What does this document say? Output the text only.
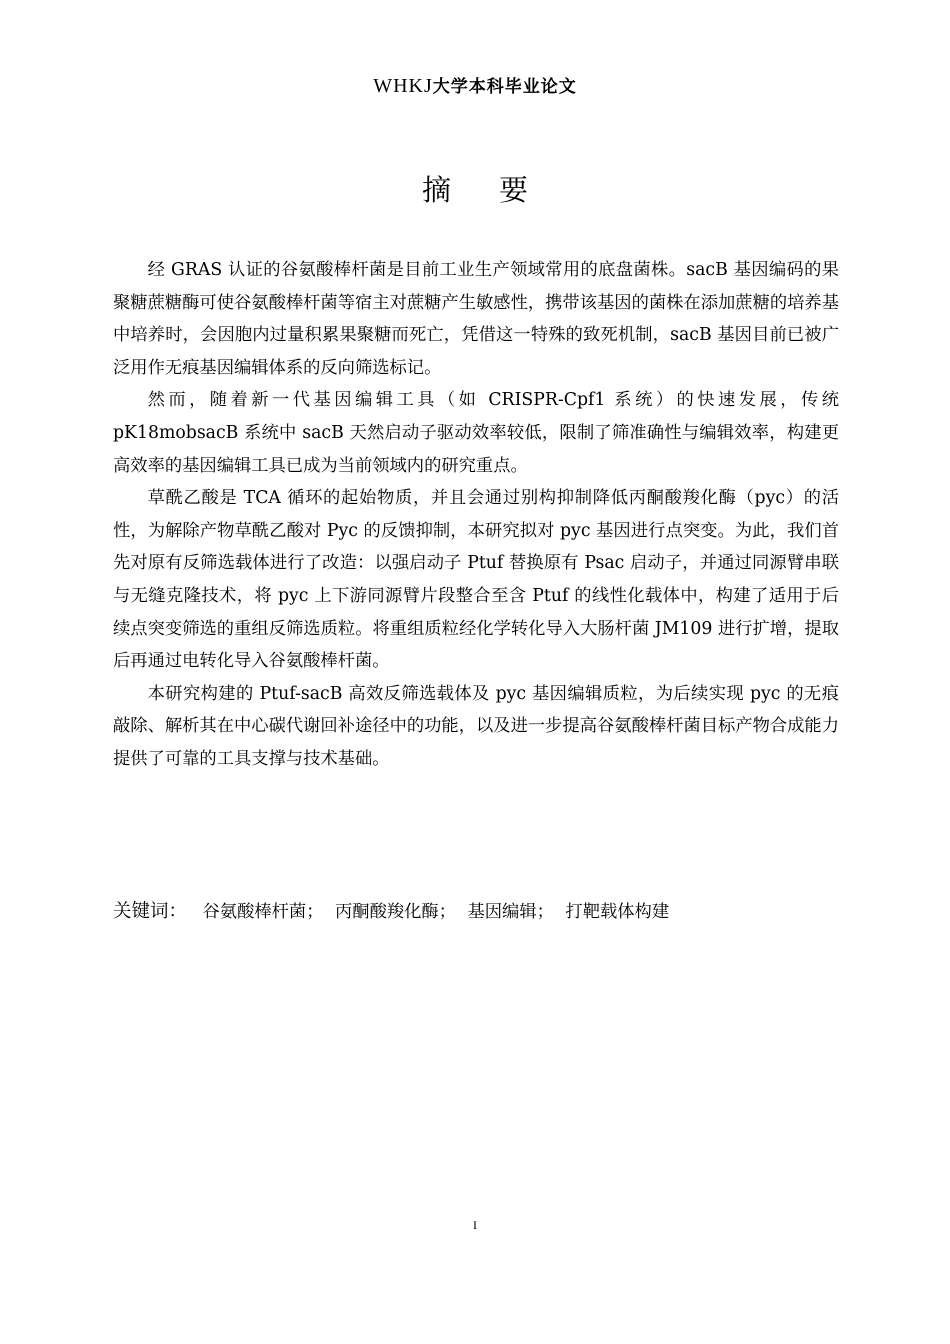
WHKJ大学本科毕业论文
摘 要

经 GRAS 认证的谷氨酸棒杆菌是目前工业生产领域常用的底盘菌株。sacB 基因编码的果聚糖蔗糖酶可使谷氨酸棒杆菌等宿主对蔗糖产生敏感性，携带该基因的菌株在添加蔗糖的培养基中培养时，会因胞内过量积累果聚糖而死亡，凭借这一特殊的致死机制，sacB 基因目前已被广泛用作无痕基因编辑体系的反向筛选标记。

然而，随着新一代基因编辑工具（如 CRISPR-Cpf1 系统）的快速发展，传统 pK18mobsacB 系统中 sacB 天然启动子驱动效率较低，限制了筛准确性与编辑效率，构建更高效率的基因编辑工具已成为当前领域内的研究重点。

草酰乙酸是 TCA 循环的起始物质，并且会通过别构抑制降低丙酮酸羧化酶（pyc）的活性，为解除产物草酰乙酸对 Pyc 的反馈抑制，本研究拟对 pyc 基因进行点突变。为此，我们首先对原有反筛选载体进行了改造：以强启动子 Ptuf 替换原有 Psac 启动子，并通过同源臂串联与无缝克隆技术，将 pyc 上下游同源臂片段整合至含 Ptuf 的线性化载体中，构建了适用于后续点突变筛选的重组反筛选质粒。将重组质粒经化学转化导入大肠杆菌 JM109 进行扩增，提取后再通过电转化导入谷氨酸棒杆菌。

本研究构建的 Ptuf-sacB 高效反筛选载体及 pyc 基因编辑质粒，为后续实现 pyc 的无痕敲除、解析其在中心碳代谢回补途径中的功能，以及进一步提高谷氨酸棒杆菌目标产物合成能力提供了可靠的工具支撑与技术基础。

关键词： 谷氨酸棒杆菌； 丙酮酸羧化酶； 基因编辑； 打靶载体构建
I
